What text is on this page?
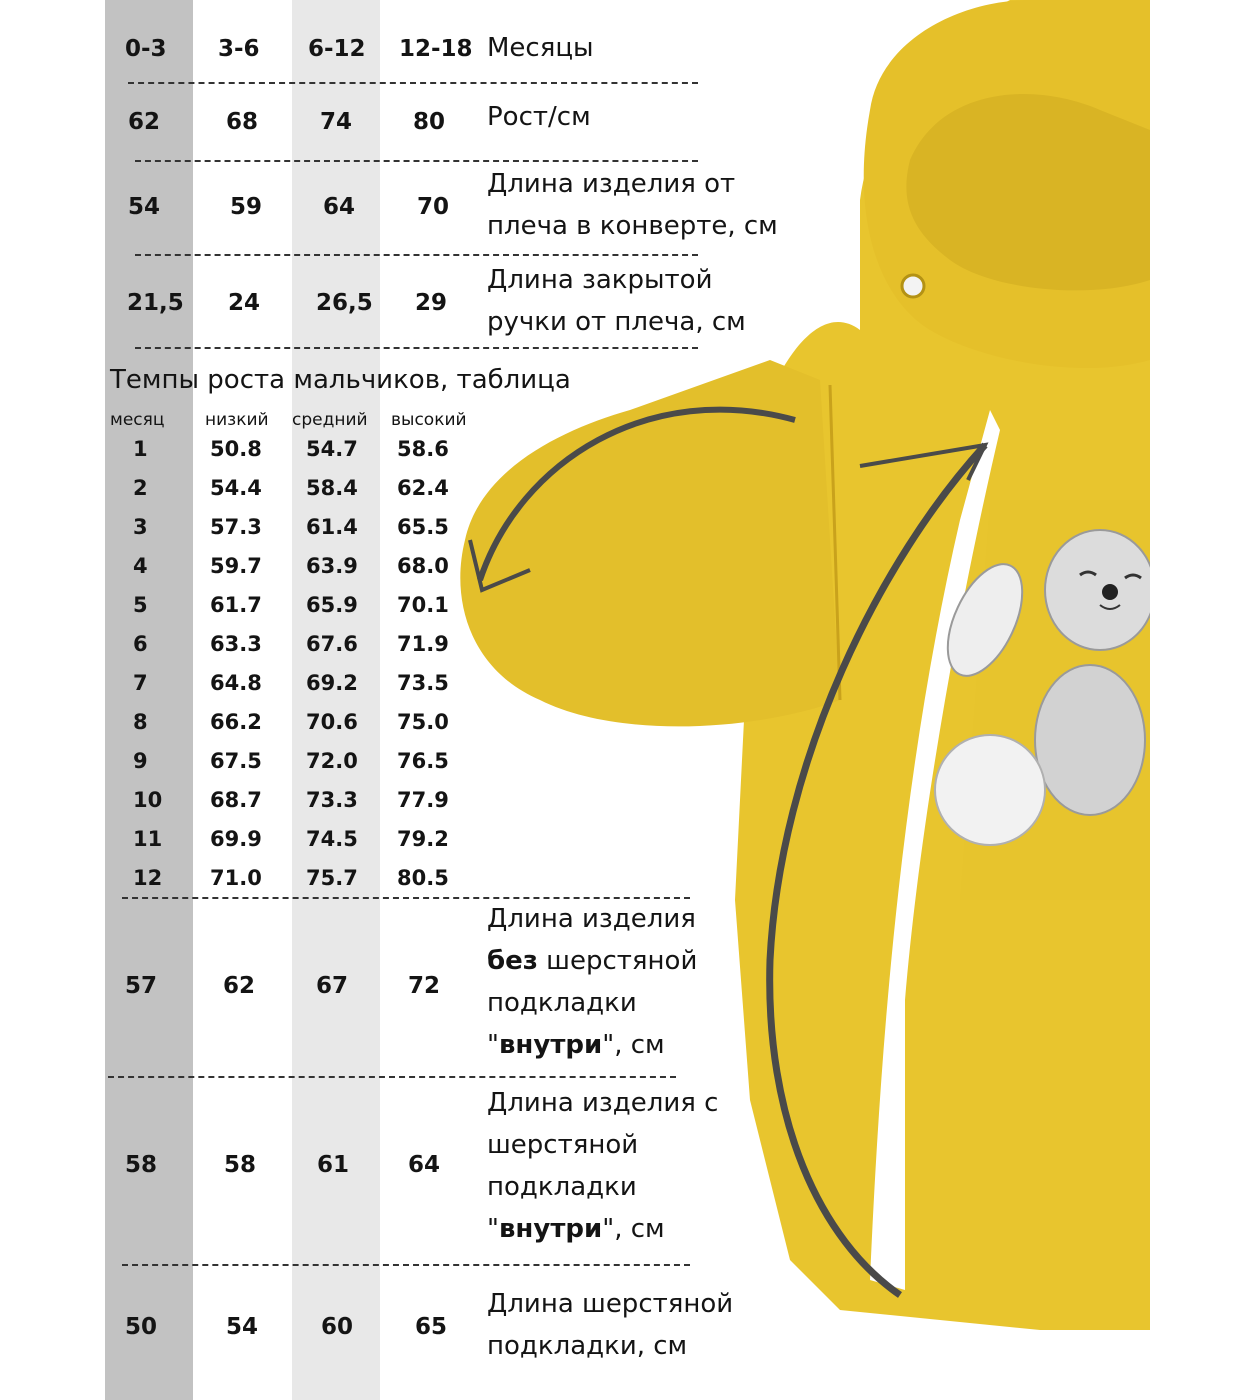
0-3 3-6 6-12 12-18 Месяцы
62	68	74	80 Рост/см
54	59	64	70
Длина изделия от
плеча в конверте, см
21,5 24 26,5 29
Длина закрытой
ручки от плеча, см
Темпы роста мальчиков, таблица
месяц низкий средний высокий
1	50.8 54.7 58.6
2	54.4 58.4 62.4
3	57.3 61.4 65.5
4	59.7 63.9 68.0
5	61.7 65.9 70.1
6	63.3 67.6 71.9
7	64.8 69.2 73.5
8	66.2 70.6 75.0
9	67.5 72.0 76.5
10 68.7 73.3 77.9
11 69.9 74.5 79.2
12 71.0 75.7 80.5
57	62	67	72
Длина изделия
без шерстяной
подкладки
"внутри", см
58	58	61	64
Длина изделия с
шерстяной
подкладки
"внутри", см
50	54	60	65
Длина шерстяной
подкладки, см
